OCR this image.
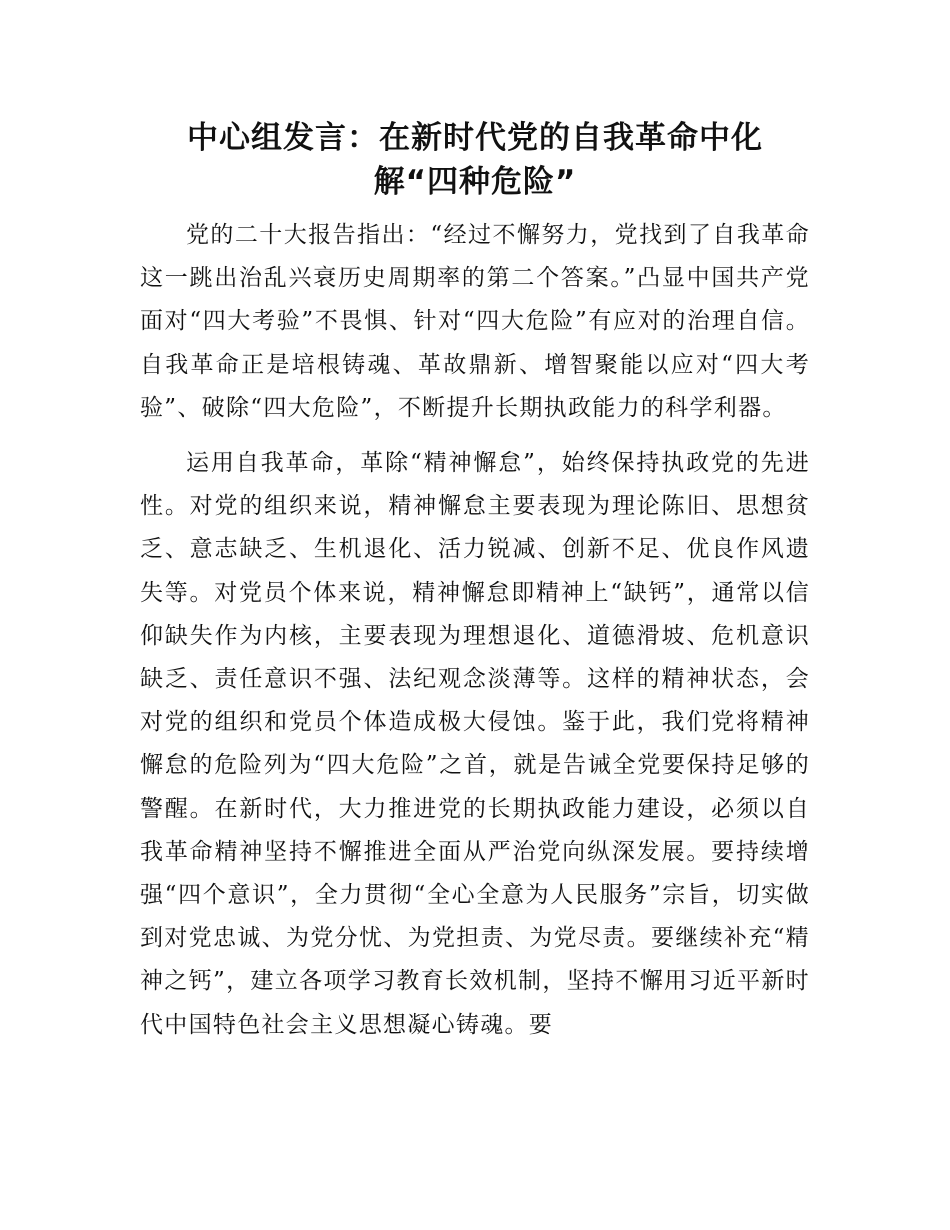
中心组发言：在新时代党的自我革命中化
解“四种危险”

党的二十大报告指出：“经过不懈努力，党找到了自我革命这一跳出治乱兴衰历史周期率的第二个答案。”凸显中国共产党面对“四大考验”不畏惧、针对“四大危险”有应对的治理自信。自我革命正是培根铸魂、革故鼎新、增智聚能以应对“四大考验”、破除“四大危险”，不断提升长期执政能力的科学利器。

运用自我革命，革除“精神懈怠”，始终保持执政党的先进性。对党的组织来说，精神懈怠主要表现为理论陈旧、思想贫乏、意志缺乏、生机退化、活力锐减、创新不足、优良作风遗失等。对党员个体来说，精神懈怠即精神上“缺钙”，通常以信仰缺失作为内核，主要表现为理想退化、道德滑坡、危机意识缺乏、责任意识不强、法纪观念淡薄等。这样的精神状态，会对党的组织和党员个体造成极大侵蚀。鉴于此，我们党将精神懈怠的危险列为“四大危险”之首，就是告诫全党要保持足够的警醒。在新时代，大力推进党的长期执政能力建设，必须以自我革命精神坚持不懈推进全面从严治党向纵深发展。要持续增强“四个意识”，全力贯彻“全心全意为人民服务”宗旨，切实做到对党忠诚、为党分忧、为党担责、为党尽责。要继续补充“精神之钙”，建立各项学习教育长效机制，坚持不懈用习近平新时代中国特色社会主义思想凝心铸魂。要
